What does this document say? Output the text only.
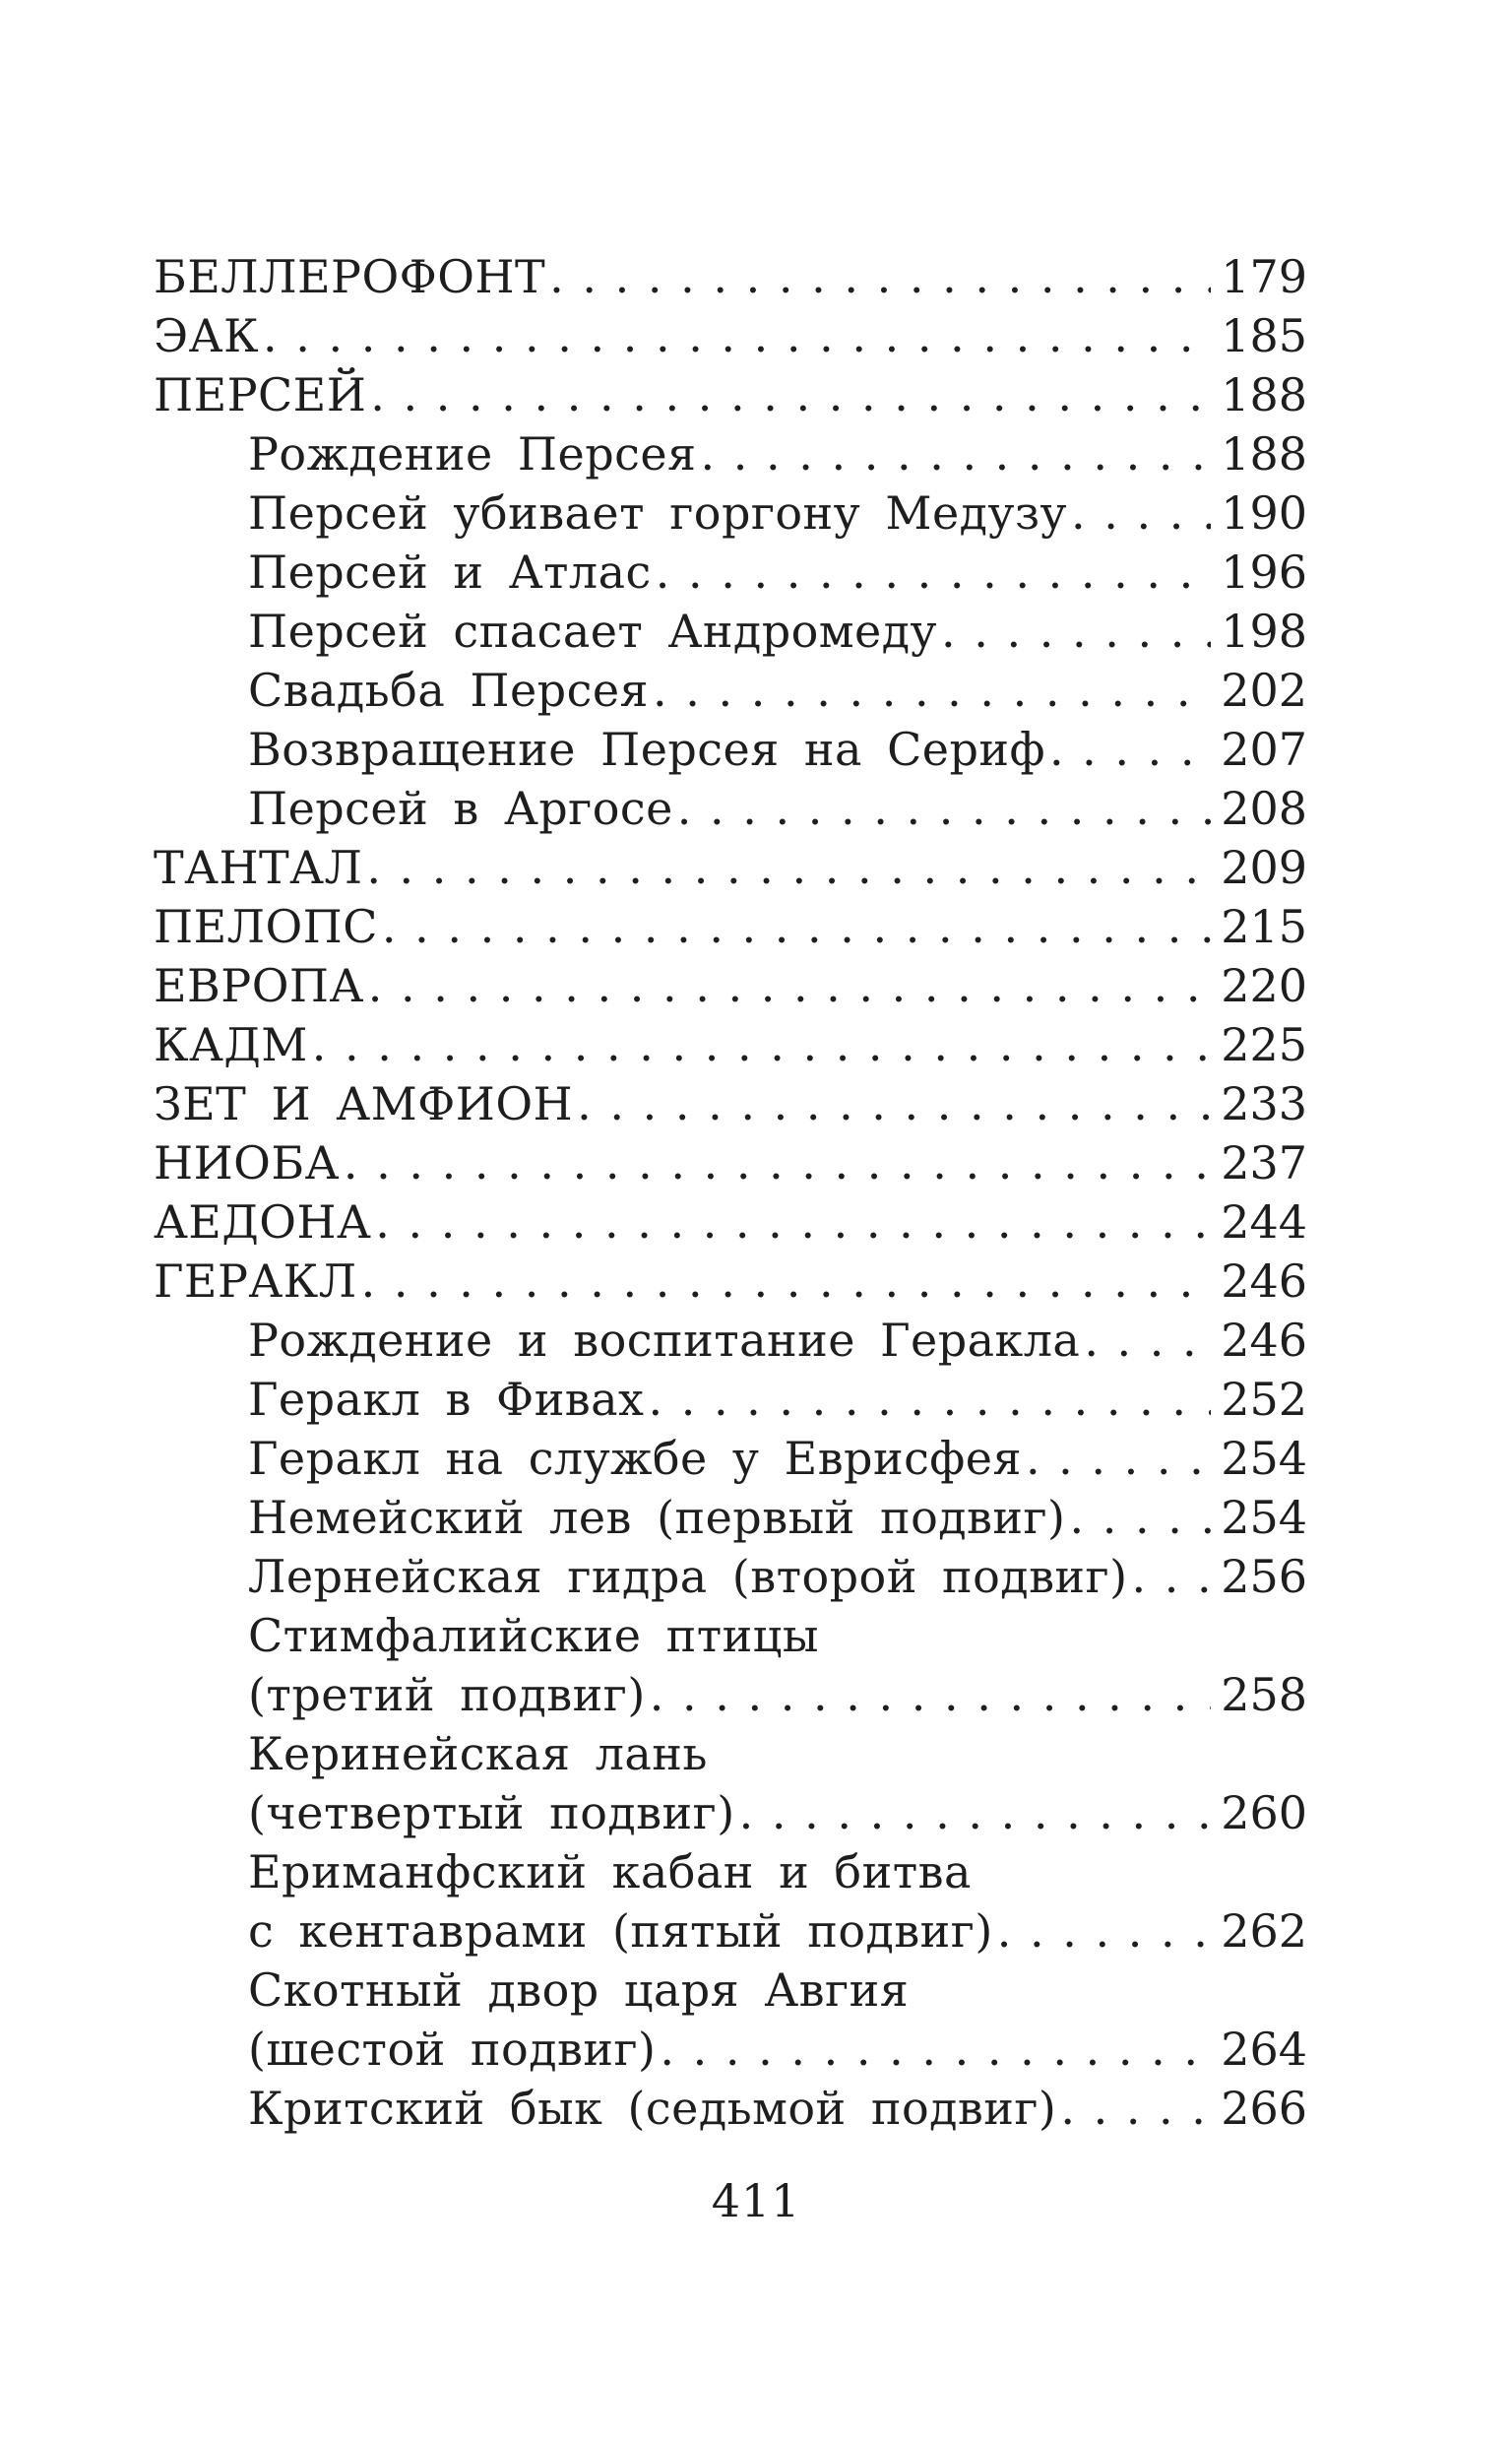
БЕЛЛЕРОФОНТ . . .	179
ЭАК . . .	185
ПЕРСЕЙ . . .	188
Рождение Персея . . .	188
Персей убивает горгону Медузу . . .	190
Персей и Атлас . . .	196
Персей спасает Андромеду . . .	198
Свадьба Персея . . .	202
Возвращение Персея на Сериф . . .	207
Персей в Аргосе . . .	208
ТАНТАЛ . . .	209
ПЕЛОПС . . .	215
ЕВРОПА . . .	220
КАДМ . . .	225
ЗЕТ И АМФИОН . . .	233
НИОБА . . .	237
АЕДОНА . . .	244
ГЕРАКЛ . . .	246
Рождение и воспитание Геракла . . .	246
Геракл в Фивах . . .	252
Геракл на службе у Еврисфея . . .	254
Немейский лев (первый подвиг) . . .	254
Лернейская гидра (второй подвиг) . . . 256
Стимфалийские птицы
(третий подвиг) . . .	258
Керинейская лань
(четвертый подвиг) . . .	260
Ериманфский кабан и битва
с кентаврами (пятый подвиг) . . .	262
Скотный двор царя Авгия
(шестой подвиг) . . .	264
Критский бык (седьмой подвиг) . . .	266
411
